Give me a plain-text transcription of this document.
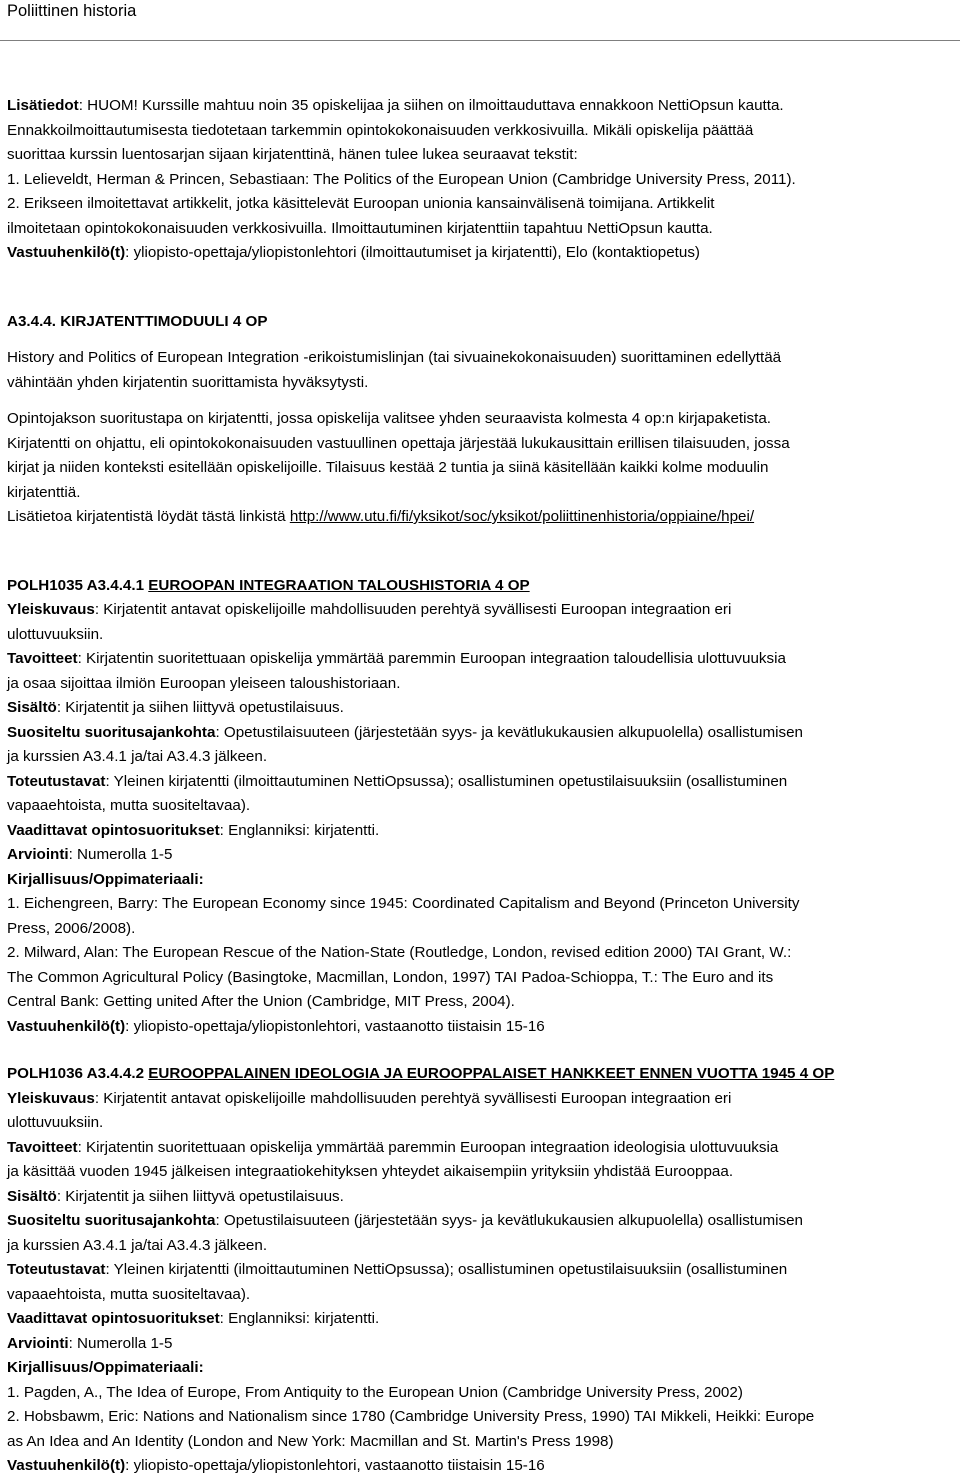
Poliittinen historia
Lisätiedot: HUOM! Kurssille mahtuu noin 35 opiskelijaa ja siihen on ilmoittauduttava ennakkoon NettiOpsun kautta.
Ennakkoilmoittautumisesta tiedotetaan tarkemmin opintokokonaisuuden verkkosivuilla. Mikäli opiskelija päättää
suorittaa kurssin luentosarjan sijaan kirjatenttinä, hänen tulee lukea seuraavat tekstit:
1. Lelieveldt, Herman & Princen, Sebastiaan: The Politics of the European Union (Cambridge University Press, 2011).
2. Erikseen ilmoitettavat artikkelit, jotka käsittelevät Euroopan unionia kansainvälisenä toimijana. Artikkelit
ilmoitetaan opintokokonaisuuden verkkosivuilla. Ilmoittautuminen kirjatenttiin tapahtuu NettiOpsun kautta.
Vastuuhenkilö(t): yliopisto-opettaja/yliopistonlehtori (ilmoittautumiset ja kirjatentti), Elo (kontaktiopetus)
A3.4.4. KIRJATENTTIMODUULI 4 OP
History and Politics of European Integration -erikoistumislinjan (tai sivuainekokonaisuuden) suorittaminen edellyttää
vähintään yhden kirjatentin suorittamista hyväksytysti.
Opintojakson suoritustapa on kirjatentti, jossa opiskelija valitsee yhden seuraavista kolmesta 4 op:n kirjapaketista.
Kirjatentti on ohjattu, eli opintokokonaisuuden vastuullinen opettaja järjestää lukukausittain erillisen tilaisuuden, jossa
kirjat ja niiden konteksti esitellään opiskelijoille. Tilaisuus kestää 2 tuntia ja siinä käsitellään kaikki kolme moduulin
kirjatenttiä.
Lisätietoa kirjatentistä löydät tästä linkistä http://www.utu.fi/fi/yksikot/soc/yksikot/poliittinenhistoria/oppiaine/hpei/
POLH1035 A3.4.4.1 EUROOPAN INTEGRAATION TALOUSHISTORIA 4 OP
Yleiskuvaus: Kirjatentit antavat opiskelijoille mahdollisuuden perehtyä syvällisesti Euroopan integraation eri
ulottuvuuksiin.
Tavoitteet: Kirjatentin suoritettuaan opiskelija ymmärtää paremmin Euroopan integraation taloudellisia ulottuvuuksia
ja osaa sijoittaa ilmiön Euroopan yleiseen taloushistoriaan.
Sisältö: Kirjatentit ja siihen liittyvä opetustilaisuus.
Suositeltu suoritusajankohta: Opetustilaisuuteen (järjestetään syys- ja kevätlukukausien alkupuolella) osallistumisen
ja kurssien A3.4.1 ja/tai A3.4.3 jälkeen.
Toteutustavat: Yleinen kirjatentti (ilmoittautuminen NettiOpsussa); osallistuminen opetustilaisuuksiin (osallistuminen
vapaaehtoista, mutta suositeltavaa).
Vaadittavat opintosuoritukset: Englanniksi: kirjatentti.
Arviointi: Numerolla 1-5
Kirjallisuus/Oppimateriaali:
1. Eichengreen, Barry: The European Economy since 1945: Coordinated Capitalism and Beyond (Princeton University
Press, 2006/2008).
2. Milward, Alan: The European Rescue of the Nation-State (Routledge, London, revised edition 2000) TAI Grant, W.:
The Common Agricultural Policy (Basingtoke, Macmillan, London, 1997) TAI Padoa-Schioppa, T.: The Euro and its
Central Bank: Getting united After the Union (Cambridge, MIT Press, 2004).
Vastuuhenkilö(t): yliopisto-opettaja/yliopistonlehtori, vastaanotto tiistaisin 15-16
POLH1036 A3.4.4.2 EUROOPPALAINEN IDEOLOGIA JA EUROOPPALAISET HANKKEET ENNEN VUOTTA 1945 4 OP
Yleiskuvaus: Kirjatentit antavat opiskelijoille mahdollisuuden perehtyä syvällisesti Euroopan integraation eri
ulottuvuuksiin.
Tavoitteet: Kirjatentin suoritettuaan opiskelija ymmärtää paremmin Euroopan integraation ideologisia ulottuvuuksia
ja käsittää vuoden 1945 jälkeisen integraatiokehityksen yhteydet aikaisempiin yrityksiin yhdistää Eurooppaa.
Sisältö: Kirjatentit ja siihen liittyvä opetustilaisuus.
Suositeltu suoritusajankohta: Opetustilaisuuteen (järjestetään syys- ja kevätlukukausien alkupuolella) osallistumisen
ja kurssien A3.4.1 ja/tai A3.4.3 jälkeen.
Toteutustavat: Yleinen kirjatentti (ilmoittautuminen NettiOpsussa); osallistuminen opetustilaisuuksiin (osallistuminen
vapaaehtoista, mutta suositeltavaa).
Vaadittavat opintosuoritukset: Englanniksi: kirjatentti.
Arviointi: Numerolla 1-5
Kirjallisuus/Oppimateriaali:
1. Pagden, A., The Idea of Europe, From Antiquity to the European Union (Cambridge University Press, 2002)
2. Hobsbawm, Eric: Nations and Nationalism since 1780 (Cambridge University Press, 1990) TAI Mikkeli, Heikki: Europe
as An Idea and An Identity (London and New York: Macmillan and St. Martin's Press 1998)
Vastuuhenkilö(t): yliopisto-opettaja/yliopistonlehtori, vastaanotto tiistaisin 15-16
